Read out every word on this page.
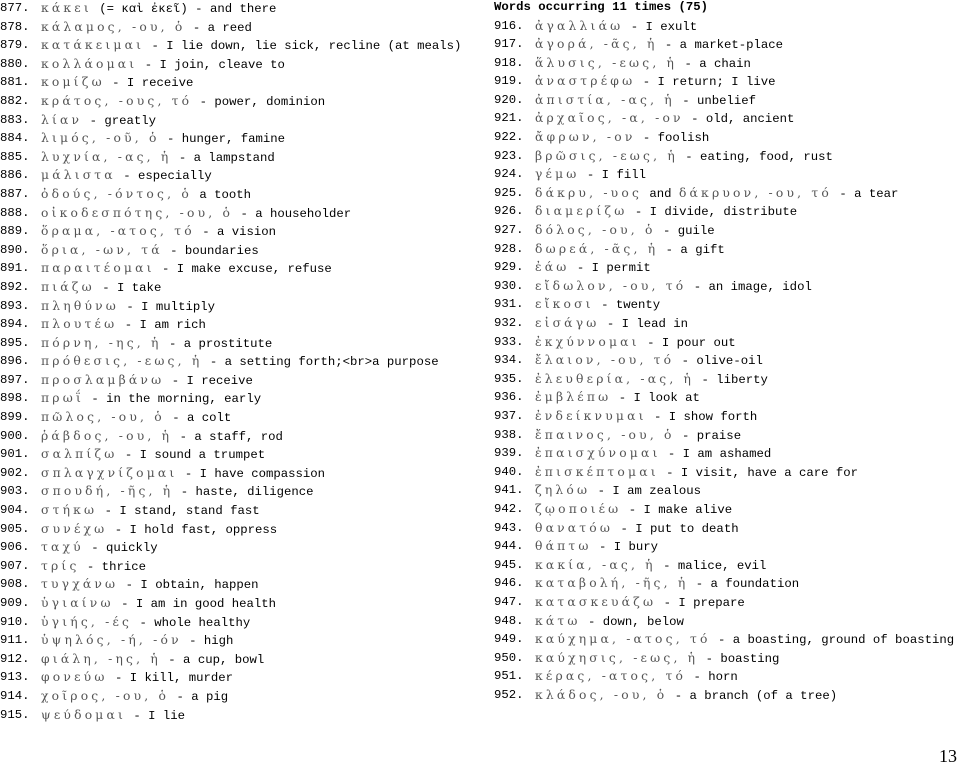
877. κάκει (= καὶ ἐκεῖ) - and there
878. κάλαμος, -ου, ὁ - a reed
879. κατάκειμαι - I lie down, lie sick, recline (at meals)
880. κολλάομαι - I join, cleave to
881. κομίζω - I receive
882. κράτος, -ους, τό - power, dominion
883. λίαν - greatly
884. λιμός, -οῦ, ὁ - hunger, famine
885. λυχνία, -ας, ἡ - a lampstand
886. μάλιστα - especially
887. ὀδούς, -όντος, ὁ a tooth
888. οἰκοδεσπότης, -ου, ὁ - a householder
889. ὅραμα, -ατος, τό - a vision
890. ὅρια, -ων, τά - boundaries
891. παραιτέομαι - I make excuse, refuse
892. πιάζω - I take
893. πληθύνω - I multiply
894. πλουτέω - I am rich
895. πόρνη, -ης, ἡ - a prostitute
896. πρόθεσις, -εως, ἡ - a setting forth;<br>a purpose
897. προσλαμβάνω - I receive
898. πρωΐ - in the morning, early
899. πῶλος, -ου, ὁ - a colt
900. ῥάβδος, -ου, ἡ - a staff, rod
901. σαλπίζω - I sound a trumpet
902. σπλαγχνίζομαι - I have compassion
903. σπουδή, -ῆς, ἡ - haste, diligence
904. στήκω - I stand, stand fast
905. συνέχω - I hold fast, oppress
906. ταχύ - quickly
907. τρίς - thrice
908. τυγχάνω - I obtain, happen
909. ὑγιαίνω - I am in good health
910. ὑγιής, -ές - whole healthy
911. ὑψηλός, -ή, -όν - high
912. φιάλη, -ης, ἡ - a cup, bowl
913. φονεύω - I kill, murder
914. χοῖρος, -ου, ὁ - a pig
915. ψεύδομαι - I lie
Words occurring 11 times (75)
916. ἀγαλλιάω - I exult
917. ἀγορά, -ᾶς, ἡ - a market-place
918. ἅλυσις, -εως, ἡ - a chain
919. ἀναστρέφω - I return; I live
920. ἀπιστία, -ας, ἡ - unbelief
921. ἀρχαῖος, -α, -ον - old, ancient
922. ἄφρων, -ον - foolish
923. βρῶσις, -εως, ἡ - eating, food, rust
924. γέμω - I fill
925. δάκρυ, -υος and δάκρυον, -ου, τό - a tear
926. διαμερίζω - I divide, distribute
927. δόλος, -ου, ὁ - guile
928. δωρεά, -ᾶς, ἡ - a gift
929. ἐάω - I permit
930. εἴδωλον, -ου, τό - an image, idol
931. εἴκοσι - twenty
932. εἰσάγω - I lead in
933. ἐκχύννομαι - I pour out
934. ἔλαιον, -ου, τό - olive-oil
935. ἐλευθερία, -ας, ἡ - liberty
936. ἐμβλέπω - I look at
937. ἐνδείκνυμαι - I show forth
938. ἔπαινος, -ου, ὁ - praise
939. ἐπαισχύνομαι - I am ashamed
940. ἐπισκέπτομαι - I visit, have a care for
941. ζηλόω - I am zealous
942. ζῳοποιέω - I make alive
943. θανατόω - I put to death
944. θάπτω - I bury
945. κακία, -ας, ἡ - malice, evil
946. καταβολή, -ῆς, ἡ - a foundation
947. κατασκευάζω - I prepare
948. κάτω - down, below
949. καύχημα, -ατος, τό - a boasting, ground of boasting
950. καύχησις, -εως, ἡ - boasting
951. κέρας, -ατος, τό - horn
952. κλάδος, -ου, ὁ - a branch (of a tree)
13
